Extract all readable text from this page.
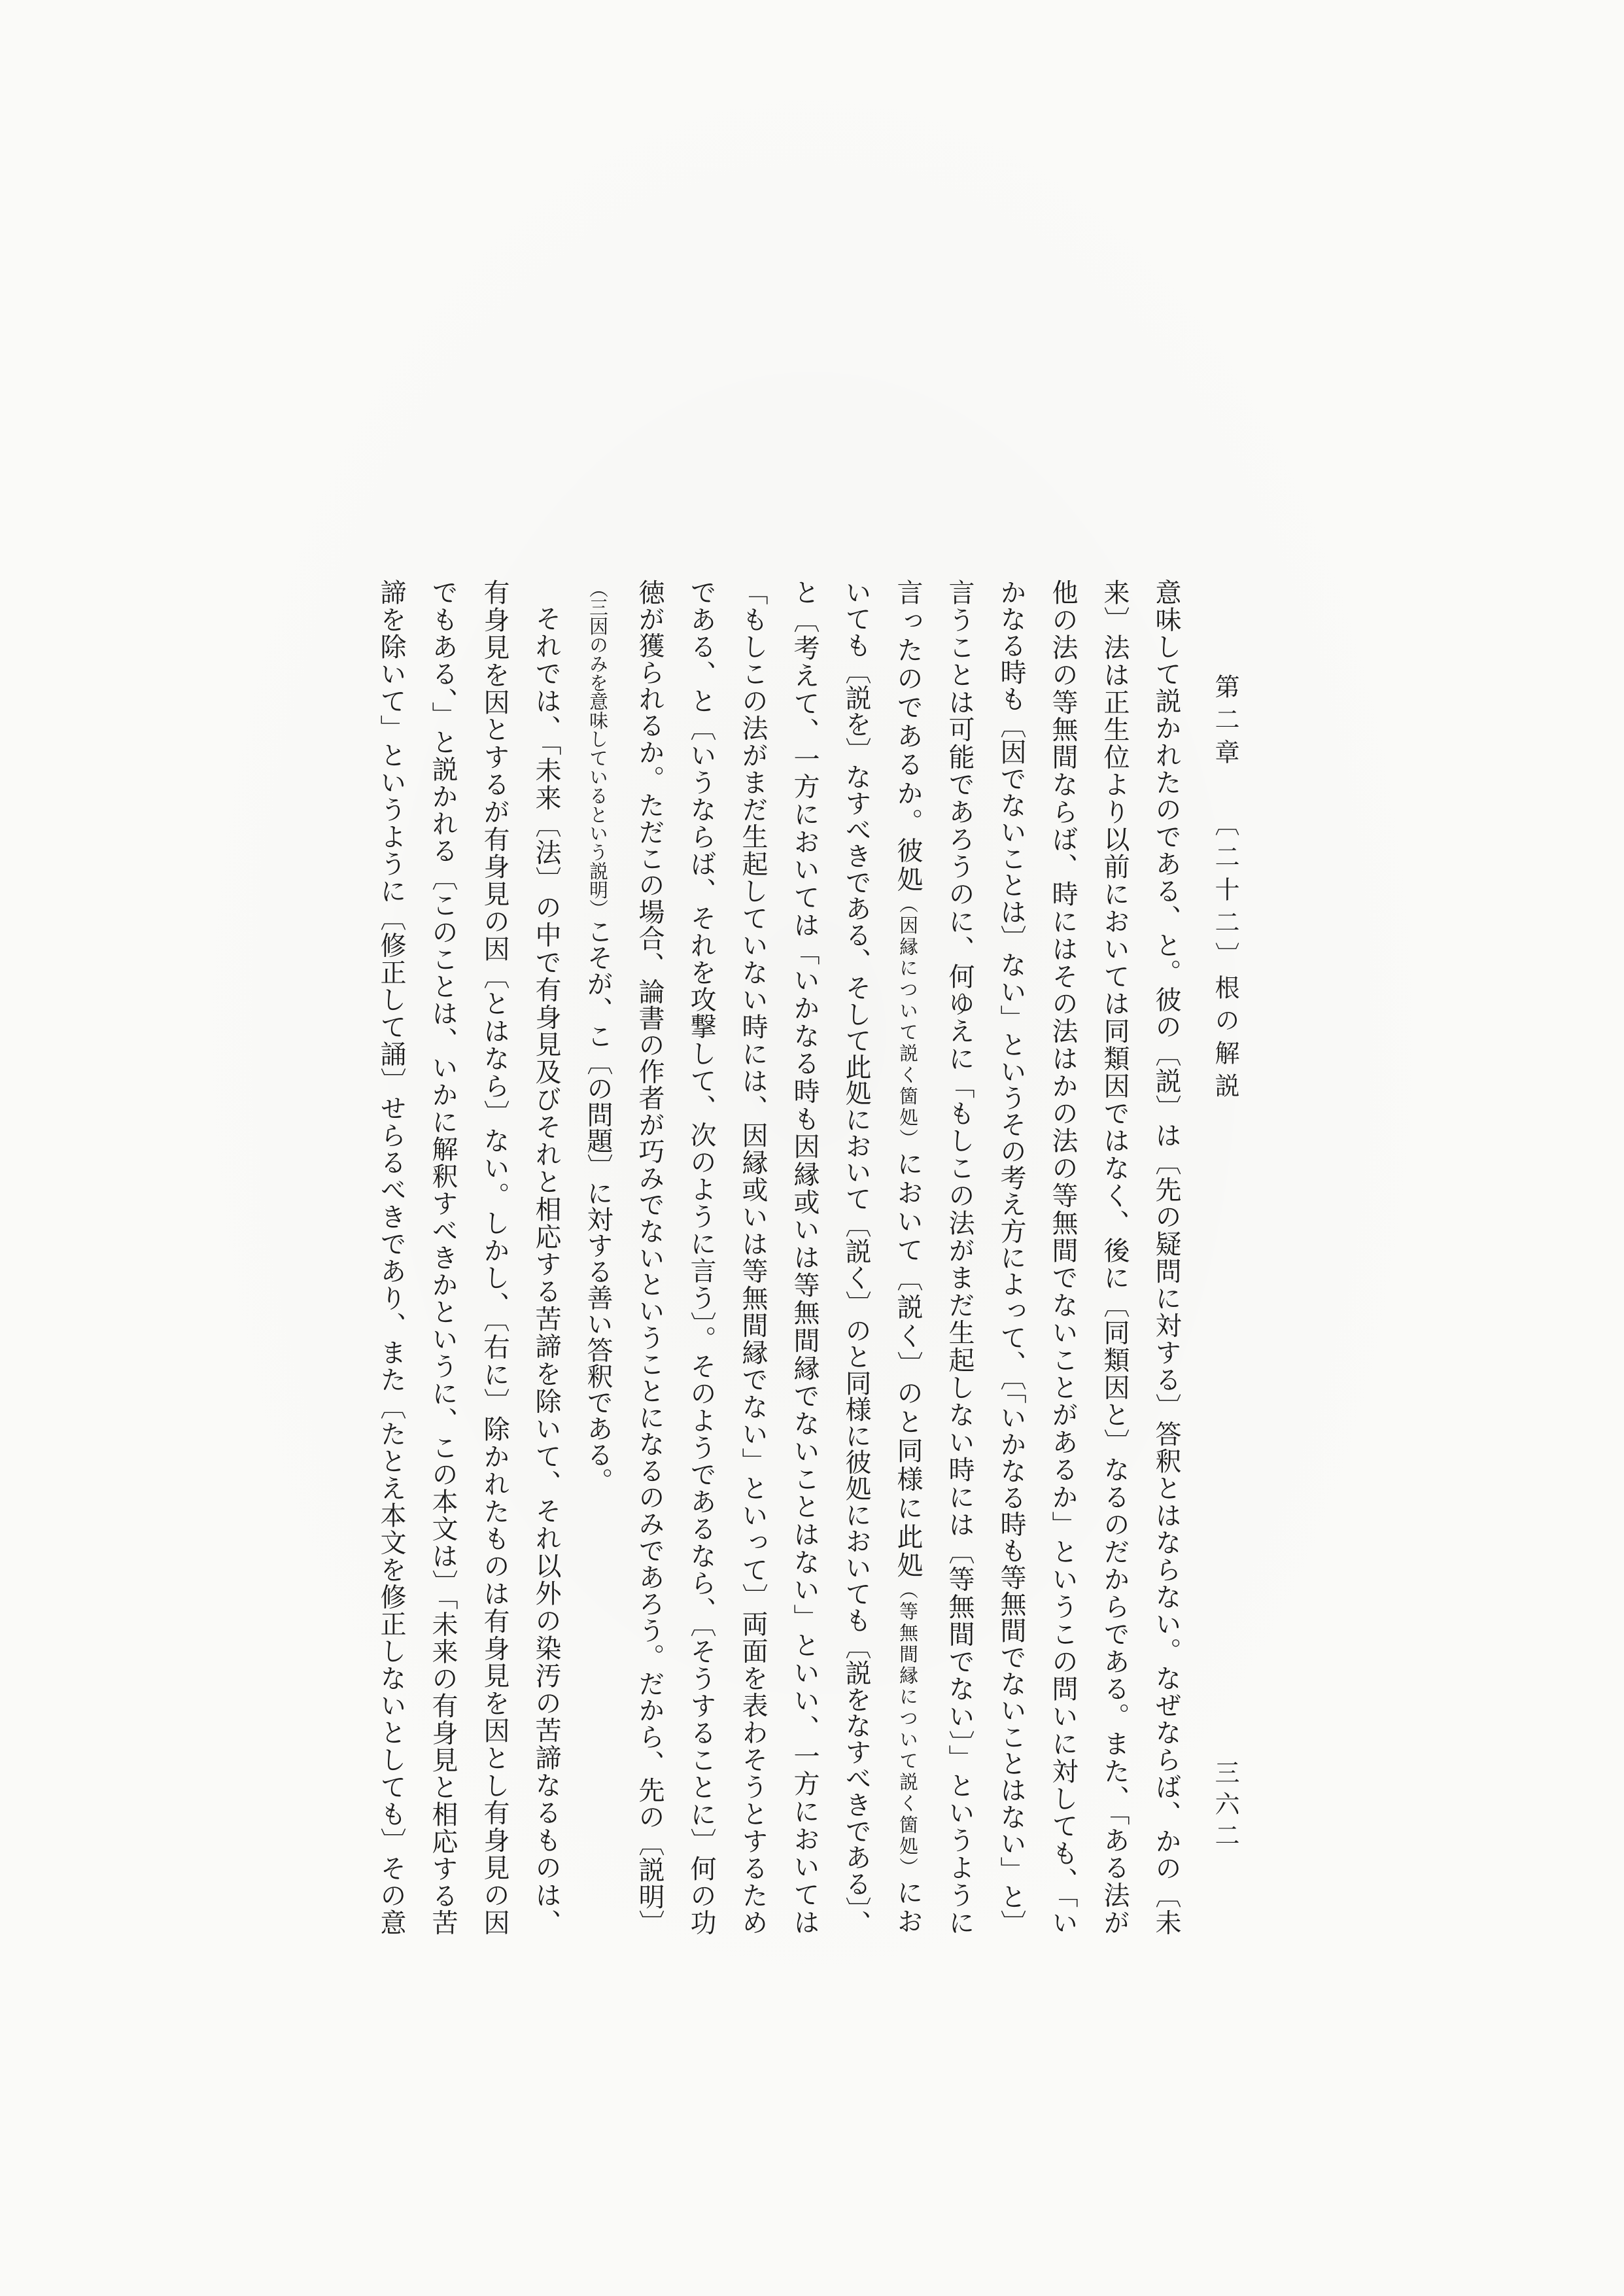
第二章
〔二十二〕根の解説
三六二
意味して説かれたのである、と。彼の〔説〕は〔先の疑問に対する〕答釈とはならない。なぜならば、かの〔未
来〕法は正生位より以前においては同類因ではなく、後に〔同類因と〕なるのだからである。また、「ある法が
他の法の等無間ならば、時にはその法はかの法の等無間でないことがあるか」というこの問いに対しても、「い
かなる時も〔因でないことは〕ない」というその考え方によって、〔「いかなる時も等無間でないことはない」と〕
言うことは可能であろうのに、何ゆえに「もしこの法がまだ生起しない時には〔等無間でない〕」というように
言ったのであるか。彼処（因縁について説く箇処）において〔説く〕のと同様に此処（等無間縁について説く箇処）にお
いても〔説を〕なすべきである、そして此処において〔説く〕のと同様に彼処においても〔説をなすべきである〕、
と〔考えて、一方においては「いかなる時も因縁或いは等無間縁でないことはない」といい、一方においては
「もしこの法がまだ生起していない時には、因縁或いは等無間縁でない」といって〕両面を表わそうとするため
である、と〔いうならば、それを攻撃して、次のように言う〕。そのようであるなら、〔そうすることに〕何の功
徳が獲られるか。ただこの場合、論書の作者が巧みでないということになるのみであろう。だから、先の〔説明〕
（三因のみを意味しているという説明）こそが、こ〔の問題〕に対する善い答釈である。
それでは、「未来〔法〕の中で有身見及びそれと相応する苦諦を除いて、それ以外の染汚の苦諦なるものは、
有身見を因とするが有身見の因〔とはなら〕ない。しかし、〔右に〕除かれたものは有身見を因とし有身見の因
でもある、」と説かれる〔このことは、いかに解釈すべきかというに、この本文は〕「未来の有身見と相応する苦
諦を除いて」というように〔修正して誦〕せらるべきであり、また〔たとえ本文を修正しないとしても〕その意
